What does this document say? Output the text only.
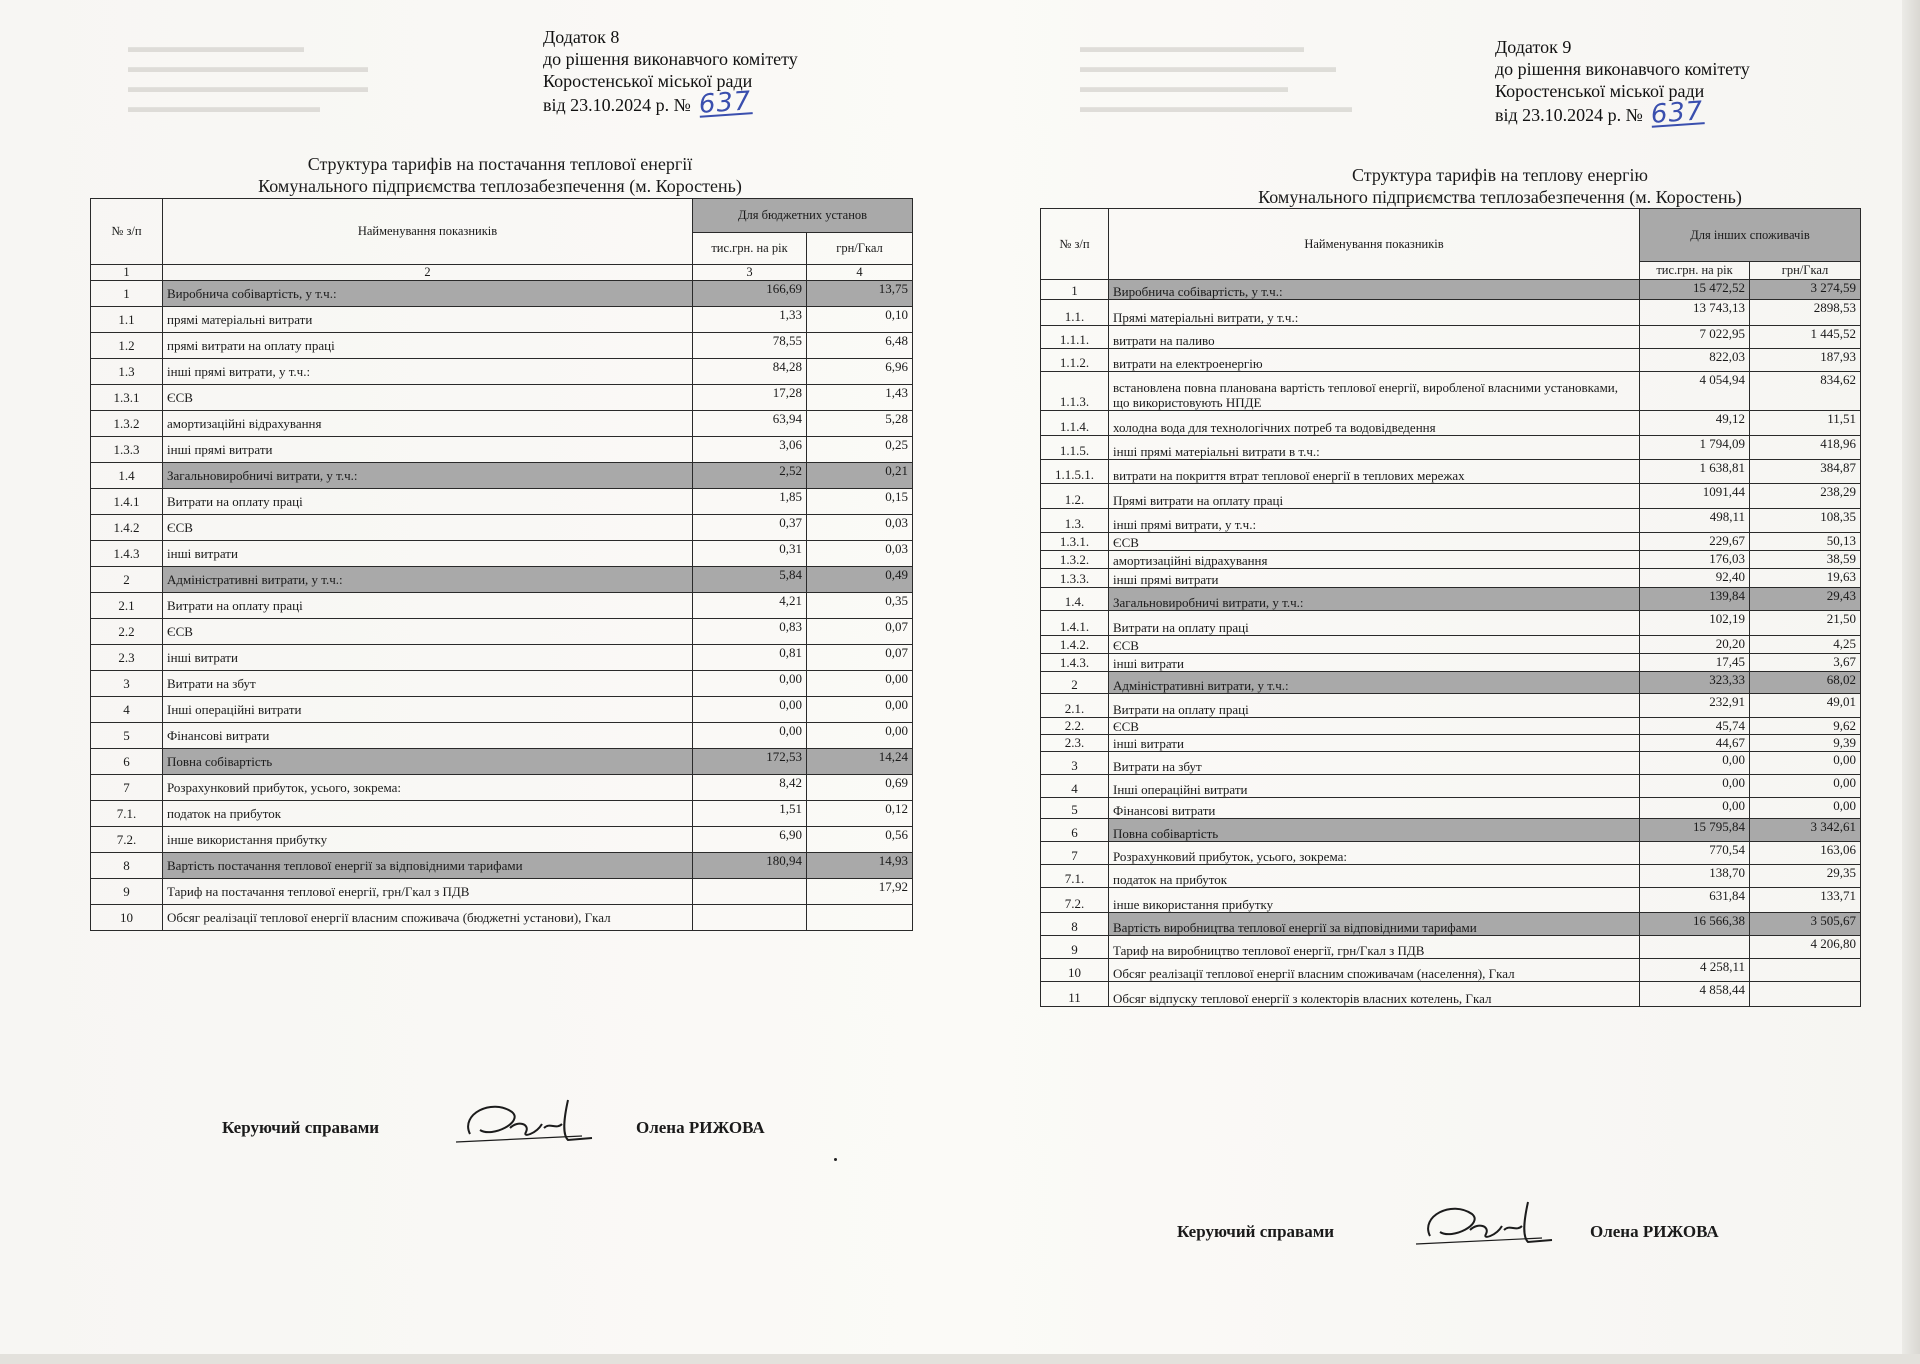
▬▬▬▬▬▬▬▬▬▬▬
▬▬▬▬▬▬▬▬▬▬▬▬▬▬▬
▬▬▬▬▬▬▬▬▬▬▬▬▬▬▬
▬▬▬▬▬▬▬▬▬▬▬▬
▬▬▬▬▬▬▬▬▬▬▬▬▬▬
▬▬▬▬▬▬▬▬▬▬▬▬▬▬▬▬
▬▬▬▬▬▬▬▬▬▬▬▬▬
▬▬▬▬▬▬▬▬▬▬▬▬▬▬▬▬▬
Додаток 8
до рішення виконавчого комітету
Коростенської міської ради
від 23.10.2024 р. № 637
Структура тарифів на постачання теплової енергії
Комунального підприємства теплозабезпечення (м. Коростень)
№ з/п	Найменування показників	Для бюджетних установ	
		тис.грн. на рік	грн/Гкал
1	2	3	4
1	Виробнича собівартість, у т.ч.:	166,69	13,75
1.1	прямі матеріальні витрати	1,33	0,10
1.2	прямі витрати на оплату праці	78,55	6,48
1.3	інші прямі витрати, у т.ч.:	84,28	6,96
1.3.1	ЄСВ	17,28	1,43
1.3.2	амортизаційні відрахування	63,94	5,28
1.3.3	інші прямі витрати	3,06	0,25
1.4	Загальновиробничі витрати, у т.ч.:	2,52	0,21
1.4.1	Витрати на оплату праці	1,85	0,15
1.4.2	ЄСВ	0,37	0,03
1.4.3	інші витрати	0,31	0,03
2	Адміністративні витрати, у т.ч.:	5,84	0,49
2.1	Витрати на оплату праці	4,21	0,35
2.2	ЄСВ	0,83	0,07
2.3	інші витрати	0,81	0,07
3	Витрати на збут	0,00	0,00
4	Інші операційні витрати	0,00	0,00
5	Фінансові витрати	0,00	0,00
6	Повна собівартість	172,53	14,24
7	Розрахунковий прибуток, усього, зокрема:	8,42	0,69
7.1.	податок на прибуток	1,51	0,12
7.2.	інше використання прибутку	6,90	0,56
8	Вартість постачання теплової енергії за відповідними тарифами	180,94	14,93
9	Тариф на постачання теплової енергії, грн/Гкал з ПДВ		17,92
10	Обсяг реалізації теплової енергії власним споживача (бюджетні установи), Гкал		
Керуючий справами	Олена РИЖОВА
Додаток 9
до рішення виконавчого комітету
Коростенської міської ради
від 23.10.2024 р. № 637
Структура тарифів на теплову енергію
Комунального підприємства теплозабезпечення (м. Коростень)
№ з/п	Найменування показників	Для інших споживачів	
		тис.грн. на рік	грн/Гкал
1	Виробнича собівартість, у т.ч.:	15 472,52	3 274,59
1.1.	Прямі матеріальні витрати, у т.ч.:	13 743,13	2898,53
1.1.1.	витрати на паливо	7 022,95	1 445,52
1.1.2.	витрати на електроенергію	822,03	187,93
1.1.3.	встановлена повна планована вартість теплової енергії, виробленої власними установками, що використовують НПДЕ	4 054,94	834,62
1.1.4.	холодна вода для технологічних потреб та водовідведення	49,12	11,51
1.1.5.	інші прямі матеріальні витрати в т.ч.:	1 794,09	418,96
1.1.5.1.	витрати на покриття втрат теплової енергії в теплових мережах	1 638,81	384,87
1.2.	Прямі витрати на оплату праці	1091,44	238,29
1.3.	інші прямі витрати, у т.ч.:	498,11	108,35
1.3.1.	ЄСВ	229,67	50,13
1.3.2.	амортизаційні відрахування	176,03	38,59
1.3.3.	інші прямі витрати	92,40	19,63
1.4.	Загальновиробничі витрати, у т.ч.:	139,84	29,43
1.4.1.	Витрати на оплату праці	102,19	21,50
1.4.2.	ЄСВ	20,20	4,25
1.4.3.	інші витрати	17,45	3,67
2	Адміністративні витрати, у т.ч.:	323,33	68,02
2.1.	Витрати на оплату праці	232,91	49,01
2.2.	ЄСВ	45,74	9,62
2.3.	інші витрати	44,67	9,39
3	Витрати на збут	0,00	0,00
4	Інші операційні витрати	0,00	0,00
5	Фінансові витрати	0,00	0,00
6	Повна собівартість	15 795,84	3 342,61
7	Розрахунковий прибуток, усього, зокрема:	770,54	163,06
7.1.	податок на прибуток	138,70	29,35
7.2.	інше використання прибутку	631,84	133,71
8	Вартість виробництва теплової енергії за відповідними тарифами	16 566,38	3 505,67
9	Тариф на виробництво теплової енергії, грн/Гкал з ПДВ		4 206,80
10	Обсяг реалізації теплової енергії власним споживачам (населення), Гкал	4 258,11	
11	Обсяг відпуску теплової енергії з колекторів власних котелень, Гкал	4 858,44	
Керуючий справами	Олена РИЖОВА
